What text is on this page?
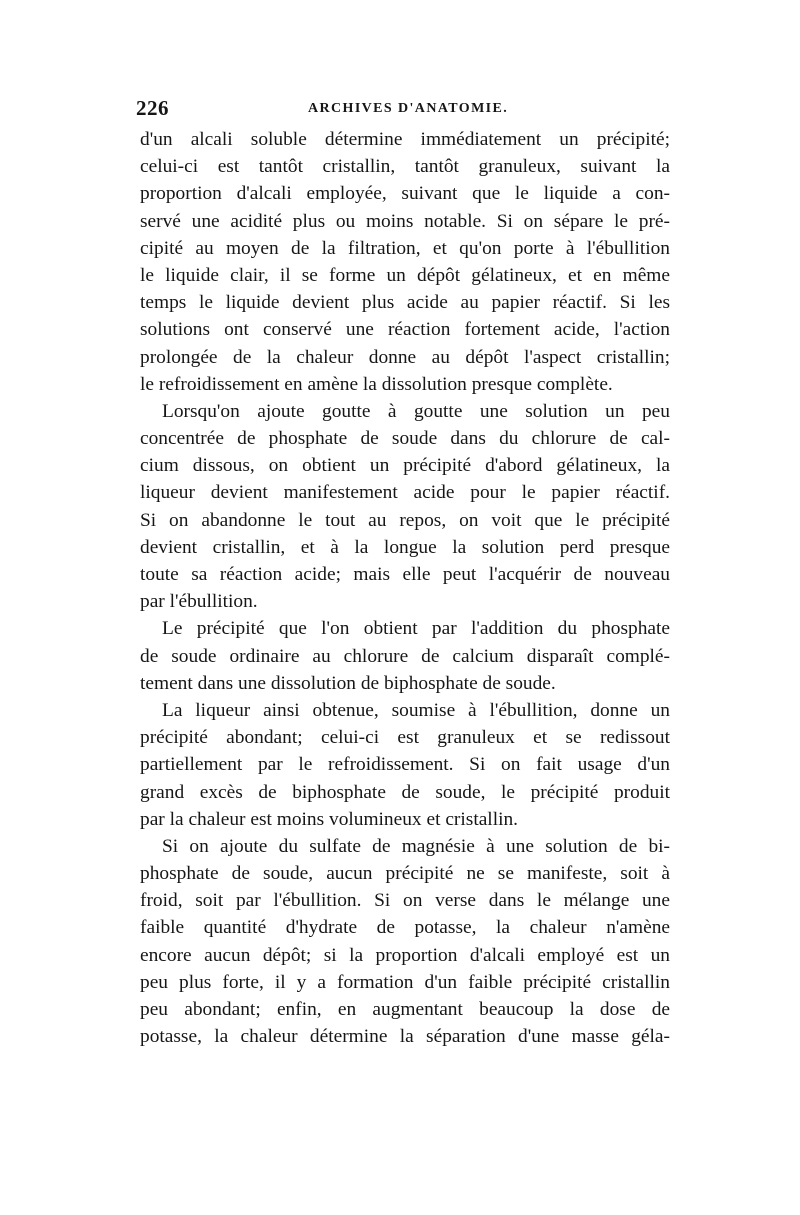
226	ARCHIVES D'ANATOMIE.
d'un alcali soluble détermine immédiatement un précipité;
celui-ci est tantôt cristallin, tantôt granuleux, suivant la
proportion d'alcali employée, suivant que le liquide a con-
servé une acidité plus ou moins notable. Si on sépare le pré-
cipité au moyen de la filtration, et qu'on porte à l'ébullition
le liquide clair, il se forme un dépôt gélatineux, et en même
temps le liquide devient plus acide au papier réactif. Si les
solutions ont conservé une réaction fortement acide, l'action
prolongée de la chaleur donne au dépôt l'aspect cristallin;
le refroidissement en amène la dissolution presque complète.
Lorsqu'on ajoute goutte à goutte une solution un peu
concentrée de phosphate de soude dans du chlorure de cal-
cium dissous, on obtient un précipité d'abord gélatineux, la
liqueur devient manifestement acide pour le papier réactif.
Si on abandonne le tout au repos, on voit que le précipité
devient cristallin, et à la longue la solution perd presque
toute sa réaction acide; mais elle peut l'acquérir de nouveau
par l'ébullition.
Le précipité que l'on obtient par l'addition du phosphate
de soude ordinaire au chlorure de calcium disparaît complé-
tement dans une dissolution de biphosphate de soude.
La liqueur ainsi obtenue, soumise à l'ébullition, donne un
précipité abondant; celui-ci est granuleux et se redissout
partiellement par le refroidissement. Si on fait usage d'un
grand excès de biphosphate de soude, le précipité produit
par la chaleur est moins volumineux et cristallin.
Si on ajoute du sulfate de magnésie à une solution de bi-
phosphate de soude, aucun précipité ne se manifeste, soit à
froid, soit par l'ébullition. Si on verse dans le mélange une
faible quantité d'hydrate de potasse, la chaleur n'amène
encore aucun dépôt; si la proportion d'alcali employé est un
peu plus forte, il y a formation d'un faible précipité cristallin
peu abondant; enfin, en augmentant beaucoup la dose de
potasse, la chaleur détermine la séparation d'une masse géla-
